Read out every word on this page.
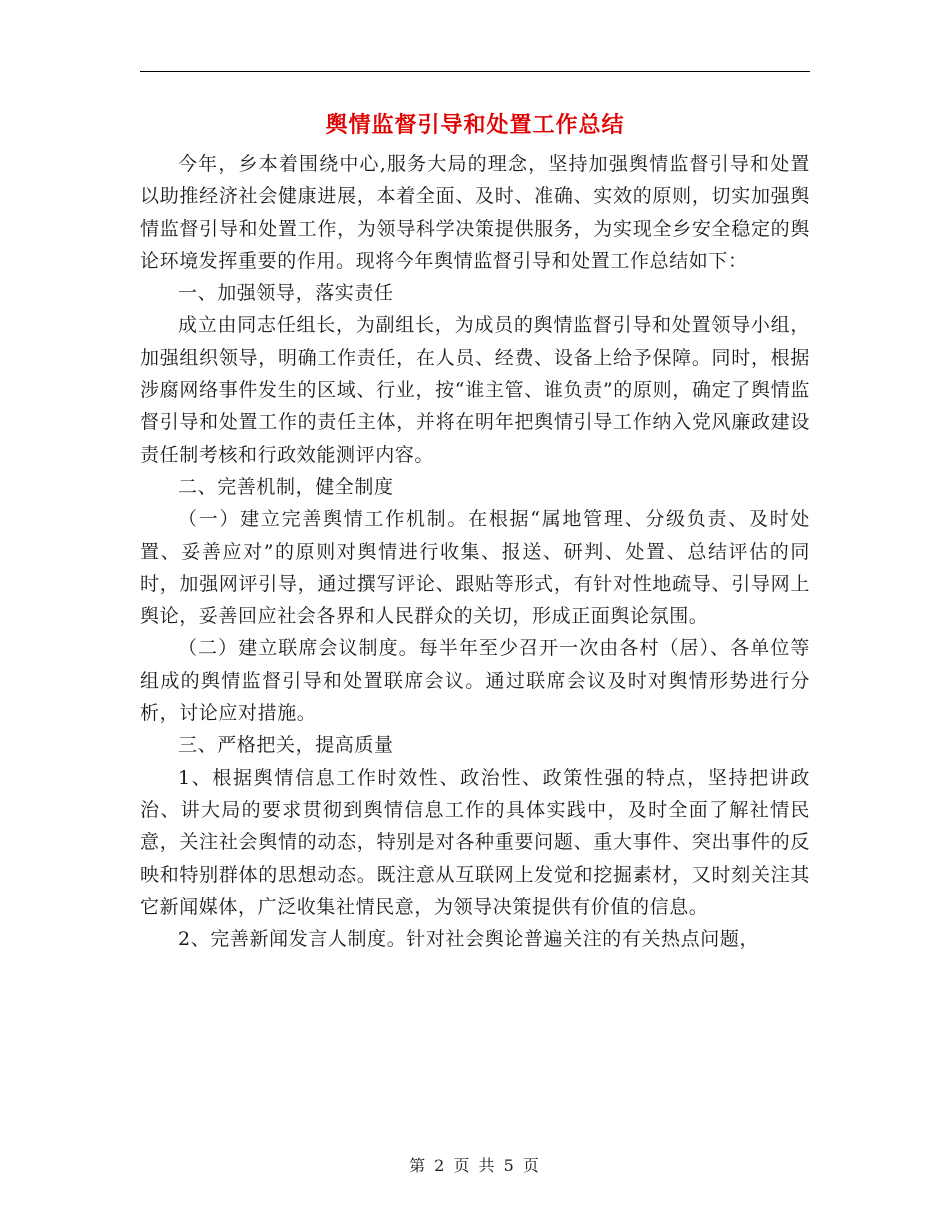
舆情监督引导和处置工作总结

今年，乡本着围绕中心,服务大局的理念，坚持加强舆情监督引导和处置以助推经济社会健康进展，本着全面、及时、准确、实效的原则，切实加强舆情监督引导和处置工作，为领导科学决策提供服务，为实现全乡安全稳定的舆论环境发挥重要的作用。现将今年舆情监督引导和处置工作总结如下：

一、加强领导，落实责任

成立由同志任组长，为副组长，为成员的舆情监督引导和处置领导小组，加强组织领导，明确工作责任，在人员、经费、设备上给予保障。同时，根据涉腐网络事件发生的区域、行业，按“谁主管、谁负责”的原则，确定了舆情监督引导和处置工作的责任主体，并将在明年把舆情引导工作纳入党风廉政建设责任制考核和行政效能测评内容。

二、完善机制，健全制度

（一）建立完善舆情工作机制。在根据“属地管理、分级负责、及时处置、妥善应对”的原则对舆情进行收集、报送、研判、处置、总结评估的同时，加强网评引导，通过撰写评论、跟贴等形式，有针对性地疏导、引导网上舆论，妥善回应社会各界和人民群众的关切，形成正面舆论氛围。

（二）建立联席会议制度。每半年至少召开一次由各村（居）、各单位等组成的舆情监督引导和处置联席会议。通过联席会议及时对舆情形势进行分析，讨论应对措施。

三、严格把关，提高质量

1、根据舆情信息工作时效性、政治性、政策性强的特点，坚持把讲政治、讲大局的要求贯彻到舆情信息工作的具体实践中，及时全面了解社情民意，关注社会舆情的动态，特别是对各种重要问题、重大事件、突出事件的反映和特别群体的思想动态。既注意从互联网上发觉和挖掘素材，又时刻关注其它新闻媒体，广泛收集社情民意，为领导决策提供有价值的信息。

2、完善新闻发言人制度。针对社会舆论普遍关注的有关热点问题，

第 2 页 共 5 页
